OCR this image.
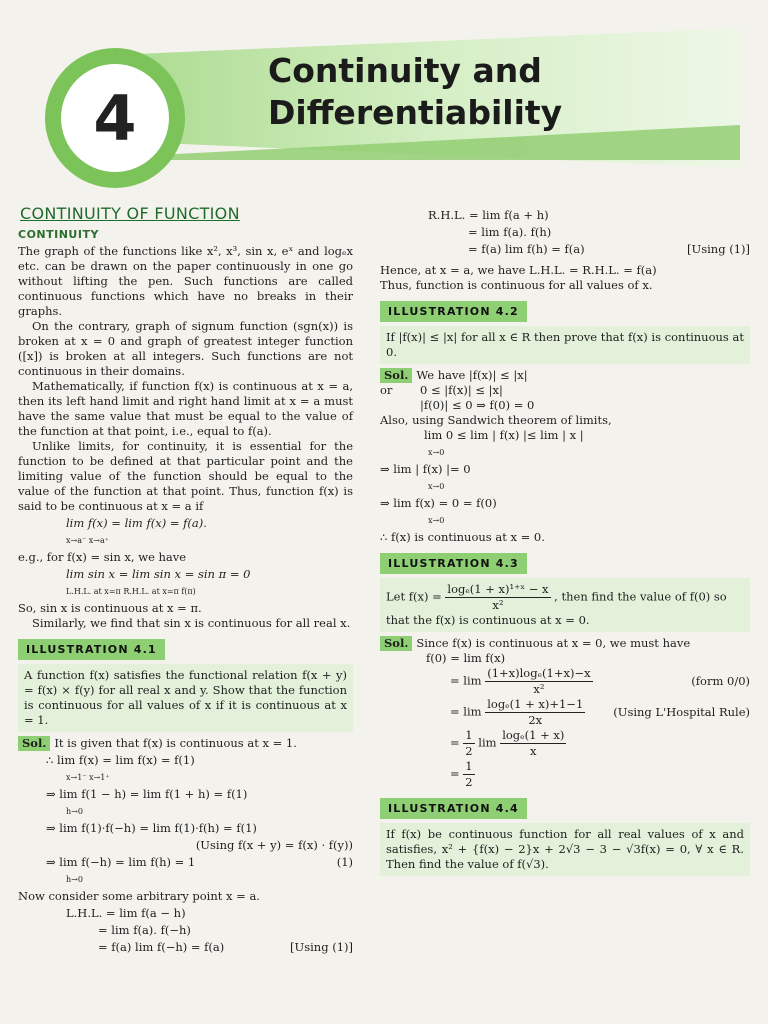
4
Continuity and
Differentiability
CONTINUITY OF FUNCTION
CONTINUITY

The graph of the functions like x², x³, sin x, eˣ and logₑx etc. can be drawn on the paper continuously in one go without lifting the pen. Such functions are called continuous functions which have no breaks in their graphs.

On the contrary, graph of signum function (sgn(x)) is broken at x = 0 and graph of greatest integer function ([x]) is broken at all integers. Such functions are not continuous in their domains.

Mathematically, if function f(x) is continuous at x = a, then its left hand limit and right hand limit at x = a must have the same value that must be equal to the value of the function at that point, i.e., equal to f(a).

Unlike limits, for continuity, it is essential for the function to be defined at that particular point and the limiting value of the function should be equal to the value of the function at that point. Thus, function f(x) is said to be continuous at x = a if

lim f(x) = lim f(x) = f(a).
x→a⁻ x→a⁺

e.g., for f(x) = sin x, we have

lim sin x = lim sin x = sin π = 0
L.H.L. at x=π R.H.L. at x=π f(π)

So, sin x is continuous at x = π.

Similarly, we find that sin x is continuous for all real x.

ILLUSTRATION 4.1

A function f(x) satisfies the functional relation f(x + y) = f(x) × f(y) for all real x and y. Show that the function is continuous for all values of x if it is continuous at x = 1.

Sol. It is given that f(x) is continuous at x = 1.

∴ lim f(x) = lim f(x) = f(1)
x→1⁻ x→1⁺
⇒ lim f(1 − h) = lim f(1 + h) = f(1)
h→0
⇒ lim f(1)·f(−h) = lim f(1)·f(h) = f(1)
(Using f(x + y) = f(x) · f(y))
⇒ lim f(−h) = lim f(h) = 1	(1)
h→0

Now consider some arbitrary point x = a.

L.H.L. = lim f(a − h)
= lim f(a). f(−h)
= f(a) lim f(−h) = f(a)	[Using (1)]
R.H.L. = lim f(a + h)
= lim f(a). f(h)
= f(a) lim f(h) = f(a)	[Using (1)]

Hence, at x = a, we have L.H.L. = R.H.L. = f(a)

Thus, function is continuous for all values of x.

ILLUSTRATION 4.2

If |f(x)| ≤ |x| for all x ∈ R then prove that f(x) is continuous at 0.

Sol. We have |f(x)| ≤ |x|

or	0 ≤ |f(x)| ≤ |x|
|f(0)| ≤ 0 ⇒ f(0) = 0

Also, using Sandwich theorem of limits,

lim 0 ≤ lim | f(x) |≤ lim | x |
x→0
⇒ lim | f(x) |= 0
x→0
⇒ lim f(x) = 0 = f(0)
x→0
∴ f(x) is continuous at x = 0.
ILLUSTRATION 4.3

Let $f(x) = \frac{\text{logₑ(1 + x)¹⁺ˣ − x}}{\text{x²}}$ , then find the value of f(0) so

that the f(x) is continuous at x = 0.

Sol. Since f(x) is continuous at x = 0, we must have

f(0) = lim f(x)
= $\lim \frac{\text{(1+x)logₑ(1+x)−x}}{\text{x²}}$	(form 0/0)
= $\lim \frac{\text{logₑ(1 + x)+1−1}}{2x} (Using$ L'Hospital Rule)
= $\frac{1}{2}$ $\lim \frac{\text{logₑ(1 + x)}}{x}$
= $\frac{1}{2}$
ILLUSTRATION 4.4

If f(x) be continuous function for all real values of x and satisfies, x² + {f(x) − 2}x + 2√3 − 3 − √3f(x) = 0, ∀ x ∈ R. Then find the value of f(√3).
